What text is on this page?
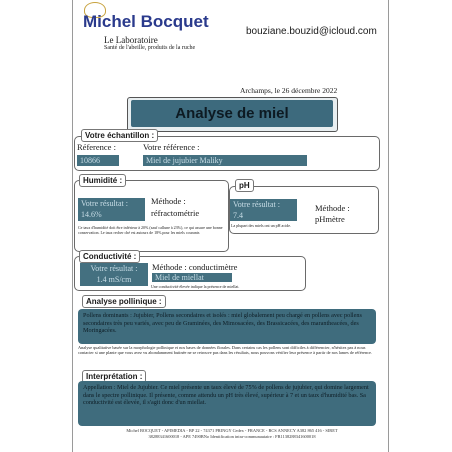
Michel Bocquet
Le Laboratoire
Santé de l'abeille, produits de la ruche
bouziane.bouzid@icloud.com
Archamps, le 26 décembre 2022
Analyse de miel
Votre échantillon :
Réference :	Votre référence :
10866	Miel de jujubier Maliky
Humidité :
Votre résultat :
14.6%
Méthode :
réfractométrie
Ce taux d'humidité doit être inférieur à 20% (sauf callune à 23%), ce qui assure une bonne conservation. Le taux recher ché est autours de 18% pour les miels courants
pH
Votre résultat :
7.4
Méthode :
pHmètre
La plupart des miels ont un pH acide.
Conductivité :
Votre résultat :
1.4 mS/cm
Méthode : conductimètre
Miel de miellat
Une conductivité élevée indique la présence de miellat.
Analyse pollinique :
Pollens dominants : Jujubier, Pollens secondaires et isolés : miel globalement peu chargé en pollens avec pollens secondaires très peu variés, avec peu de Graminées, des Mimosacées, des Brassicacées, des marantheacées, des Moringacées.
Analyse qualitative basée sur la morphologie pollinique et nos bases de données florales. Dans certains cas les pollens sont difficiles à différencier, n'hésitez pas à nous contacter si une plante que vous avez vu abondamment butinée ne se retrouve pas dans les résultats, nous pouvons vérifier leur présence à partir de nos lames de référence.
Interprétation :
Appellation : Miel de Jujubier. Ce miel présente un taux élevé de 75% de pollens de jujubier, qui domine largement dans le spectre pollinique. Il présente, comme attendu un pH très élevé, supérieur à 7 et un taux d'humidité bas. Sa conductivité est élevée, il s'agit donc d'un miellat.
Michel BOCQUET - APIMEDIA - BP 22 - 74371 PRINGY Cedex - FRANCE - RCS ANNECY A382 865 416 - SIRET
38288341600018 - APE 7490BNo Identification intra-communautaire : FR1138288341600018
